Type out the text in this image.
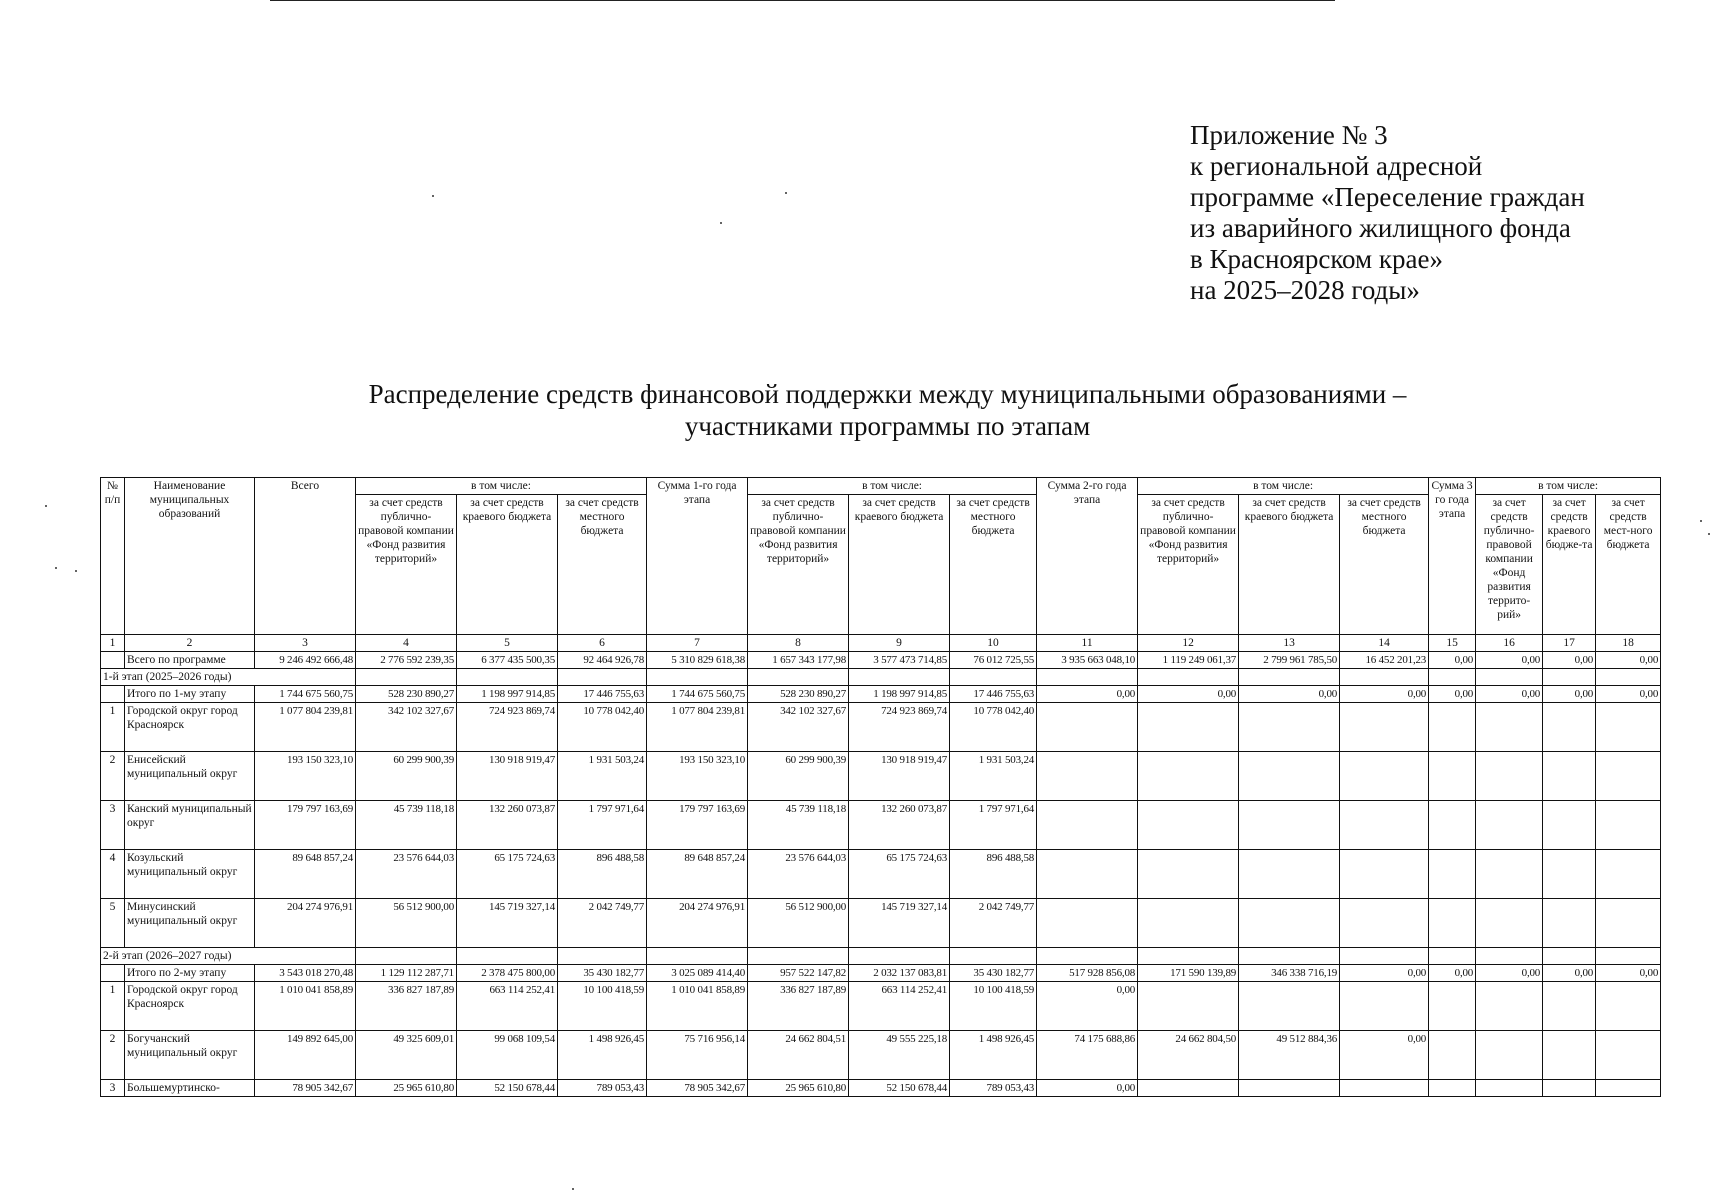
Приложение № 3
к региональной адресной
программе «Переселение граждан
из аварийного жилищного фонда
в Красноярском крае»
на 2025–2028 годы»
Распределение средств финансовой поддержки между муниципальными образованиями –
участниками программы по этапам
№ п/п	Наименование муниципальных образований	Всего	в том числе:			Сумма 1-го года этапа	в том числе:			Сумма 2-го года этапа	в том числе:			Сумма 3 го года этапа	в том числе:		
			за счет средств публично-правовой компании «Фонд развития территорий»	за счет средств краевого бюджета	за счет средств местного бюджета		за счет средств публично-правовой компании «Фонд развития территорий»	за счет средств краевого бюджета	за счет средств местного бюджета		за счет средств публично-правовой компании «Фонд развития территорий»	за счет средств краевого бюджета	за счет средств местного бюджета		за счет средств публично-правовой компании «Фонд развития террито-рий»	за счет средств краевого бюдже-та	за счет средств мест-ного бюджета
1	2	3	4	5	6	7	8	9	10	11	12	13	14	15	16	17	18
	Всего по программе	9 246 492 666,48	2 776 592 239,35	6 377 435 500,35	92 464 926,78	5 310 829 618,38	1 657 343 177,98	3 577 473 714,85	76 012 725,55	3 935 663 048,10	1 119 249 061,37	2 799 961 785,50	16 452 201,23	0,00	0,00	0,00	0,00
1-й этап (2025–2026 годы)																	
	Итого по 1-му этапу	1 744 675 560,75	528 230 890,27	1 198 997 914,85	17 446 755,63	1 744 675 560,75	528 230 890,27	1 198 997 914,85	17 446 755,63	0,00	0,00	0,00	0,00	0,00	0,00	0,00	0,00
1	Городской округ город Красноярск	1 077 804 239,81	342 102 327,67	724 923 869,74	10 778 042,40	1 077 804 239,81	342 102 327,67	724 923 869,74	10 778 042,40								
2	Енисейский муниципальный округ	193 150 323,10	60 299 900,39	130 918 919,47	1 931 503,24	193 150 323,10	60 299 900,39	130 918 919,47	1 931 503,24								
3	Канский муниципальный округ	179 797 163,69	45 739 118,18	132 260 073,87	1 797 971,64	179 797 163,69	45 739 118,18	132 260 073,87	1 797 971,64								
4	Козульский муниципальный округ	89 648 857,24	23 576 644,03	65 175 724,63	896 488,58	89 648 857,24	23 576 644,03	65 175 724,63	896 488,58								
5	Минусинский муниципальный округ	204 274 976,91	56 512 900,00	145 719 327,14	2 042 749,77	204 274 976,91	56 512 900,00	145 719 327,14	2 042 749,77								
2-й этап (2026–2027 годы)																	
	Итого по 2-му этапу	3 543 018 270,48	1 129 112 287,71	2 378 475 800,00	35 430 182,77	3 025 089 414,40	957 522 147,82	2 032 137 083,81	35 430 182,77	517 928 856,08	171 590 139,89	346 338 716,19	0,00	0,00	0,00	0,00	0,00
1	Городской округ город Красноярск	1 010 041 858,89	336 827 187,89	663 114 252,41	10 100 418,59	1 010 041 858,89	336 827 187,89	663 114 252,41	10 100 418,59	0,00							
2	Богучанский муниципальный округ	149 892 645,00	49 325 609,01	99 068 109,54	1 498 926,45	75 716 956,14	24 662 804,51	49 555 225,18	1 498 926,45	74 175 688,86	24 662 804,50	49 512 884,36	0,00				
3	Большемуртинско-	78 905 342,67	25 965 610,80	52 150 678,44	789 053,43	78 905 342,67	25 965 610,80	52 150 678,44	789 053,43	0,00							
